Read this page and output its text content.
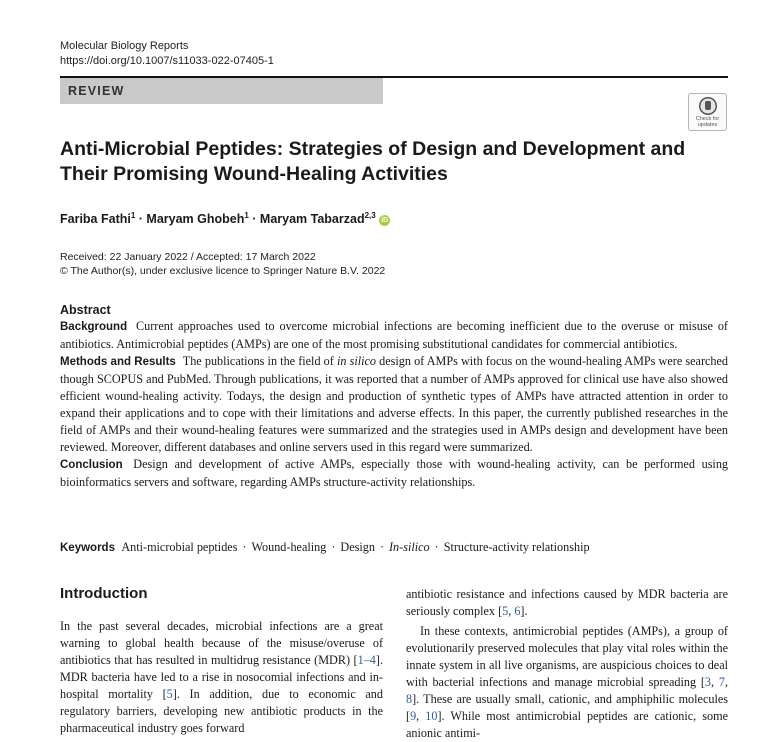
Molecular Biology Reports
https://doi.org/10.1007/s11033-022-07405-1
REVIEW
Check for
updates
Anti-Microbial Peptides: Strategies of Design and Development and Their Promising Wound-Healing Activities
Fariba Fathi$^1$ · Maryam Ghobeh$^1$ · Maryam Tabarzad$^{2,3}$ iD
Received: 22 January 2022 / Accepted: 17 March 2022
© The Author(s), under exclusive licence to Springer Nature B.V. 2022
Abstract

Background Current approaches used to overcome microbial infections are becoming inefficient due to the overuse or misuse of antibiotics. Antimicrobial peptides (AMPs) are one of the most promising substitutional candidates for commercial antibiotics.

Methods and Results The publications in the field of in silico design of AMPs with focus on the wound-healing AMPs were searched though SCOPUS and PubMed. Through publications, it was reported that a number of AMPs approved for clinical use have also showed efficient wound-healing activity. Todays, the design and production of synthetic types of AMPs have attracted attention in order to expand their applications and to cope with their limitations and adverse effects. In this paper, the currently published researches in the field of AMPs and their wound-healing features were summarized and the strategies used in AMPs design and development have been reviewed. Moreover, different databases and online servers used in this regard were summarized.

Conclusion Design and development of active AMPs, especially those with wound-healing activity, can be performed using bioinformatics servers and software, regarding AMPs structure-activity relationships.

Keywords Anti-microbial peptides · Wound-healing · Design · In-silico · Structure-activity relationship
Introduction

In the past several decades, microbial infections are a great warning to global health because of the misuse/overuse of antibiotics that has resulted in multidrug resistance (MDR) [1–4]. MDR bacteria have led to a rise in nosocomial infections and in-hospital mortality [5]. In addition, due to economic and regulatory barriers, developing new antibiotic products in the pharmaceutical industry goes forward

antibiotic resistance and infections caused by MDR bacteria are seriously complex [5, 6].

In these contexts, antimicrobial peptides (AMPs), a group of evolutionarily preserved molecules that play vital roles within the innate system in all live organisms, are auspicious choices to deal with bacterial infections and manage microbial spreading [3, 7, 8]. These are usually small, cationic, and amphiphilic molecules [9, 10]. While most antimicrobial peptides are cationic, some anionic antimi-
